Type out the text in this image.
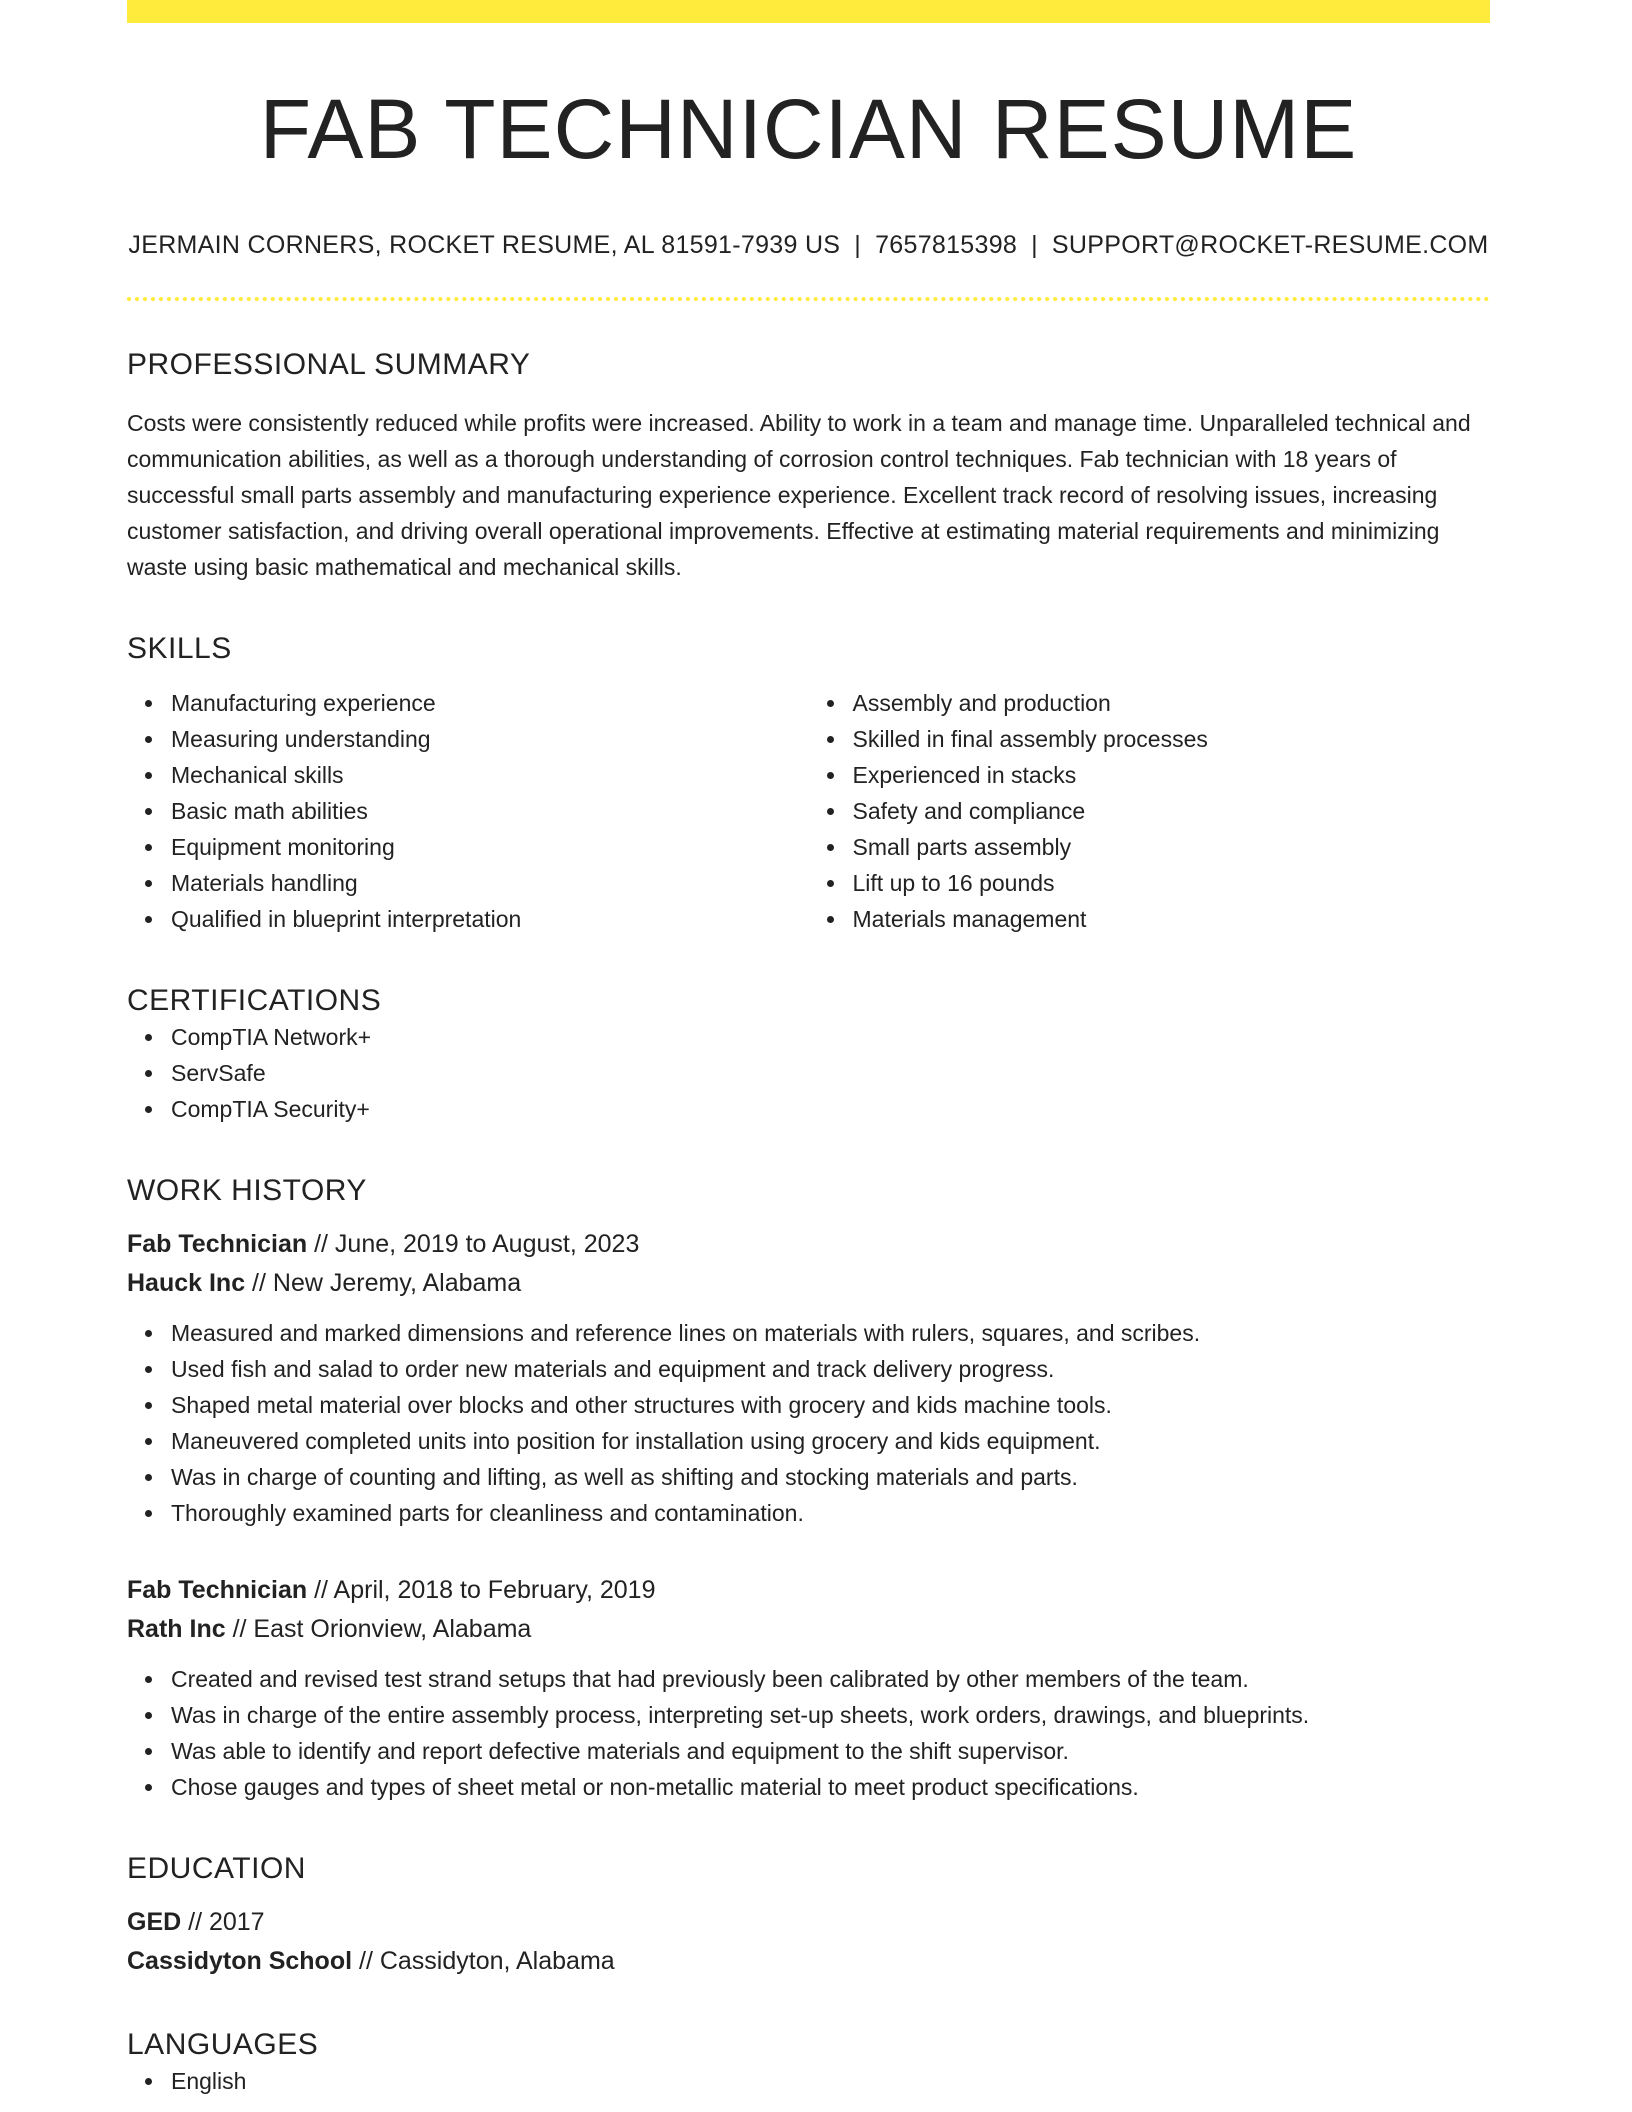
FAB TECHNICIAN RESUME
JERMAIN CORNERS, ROCKET RESUME, AL 81591-7939 US | 7657815398 | SUPPORT@ROCKET-RESUME.COM
PROFESSIONAL SUMMARY

Costs were consistently reduced while profits were increased. Ability to work in a team and manage time. Unparalleled technical and communication abilities, as well as a thorough understanding of corrosion control techniques. Fab technician with 18 years of successful small parts assembly and manufacturing experience experience. Excellent track record of resolving issues, increasing customer satisfaction, and driving overall operational improvements. Effective at estimating material requirements and minimizing waste using basic mathematical and mechanical skills.

SKILLS
Manufacturing experience
Measuring understanding
Mechanical skills
Basic math abilities
Equipment monitoring
Materials handling
Qualified in blueprint interpretation
Assembly and production
Skilled in final assembly processes
Experienced in stacks
Safety and compliance
Small parts assembly
Lift up to 16 pounds
Materials management
CERTIFICATIONS
CompTIA Network+
ServSafe
CompTIA Security+
WORK HISTORY
Fab Technician // June, 2019 to August, 2023
Hauck Inc // New Jeremy, Alabama
Measured and marked dimensions and reference lines on materials with rulers, squares, and scribes.
Used fish and salad to order new materials and equipment and track delivery progress.
Shaped metal material over blocks and other structures with grocery and kids machine tools.
Maneuvered completed units into position for installation using grocery and kids equipment.
Was in charge of counting and lifting, as well as shifting and stocking materials and parts.
Thoroughly examined parts for cleanliness and contamination.
Fab Technician // April, 2018 to February, 2019
Rath Inc // East Orionview, Alabama
Created and revised test strand setups that had previously been calibrated by other members of the team.
Was in charge of the entire assembly process, interpreting set-up sheets, work orders, drawings, and blueprints.
Was able to identify and report defective materials and equipment to the shift supervisor.
Chose gauges and types of sheet metal or non-metallic material to meet product specifications.
EDUCATION
GED // 2017
Cassidyton School // Cassidyton, Alabama
LANGUAGES
English
